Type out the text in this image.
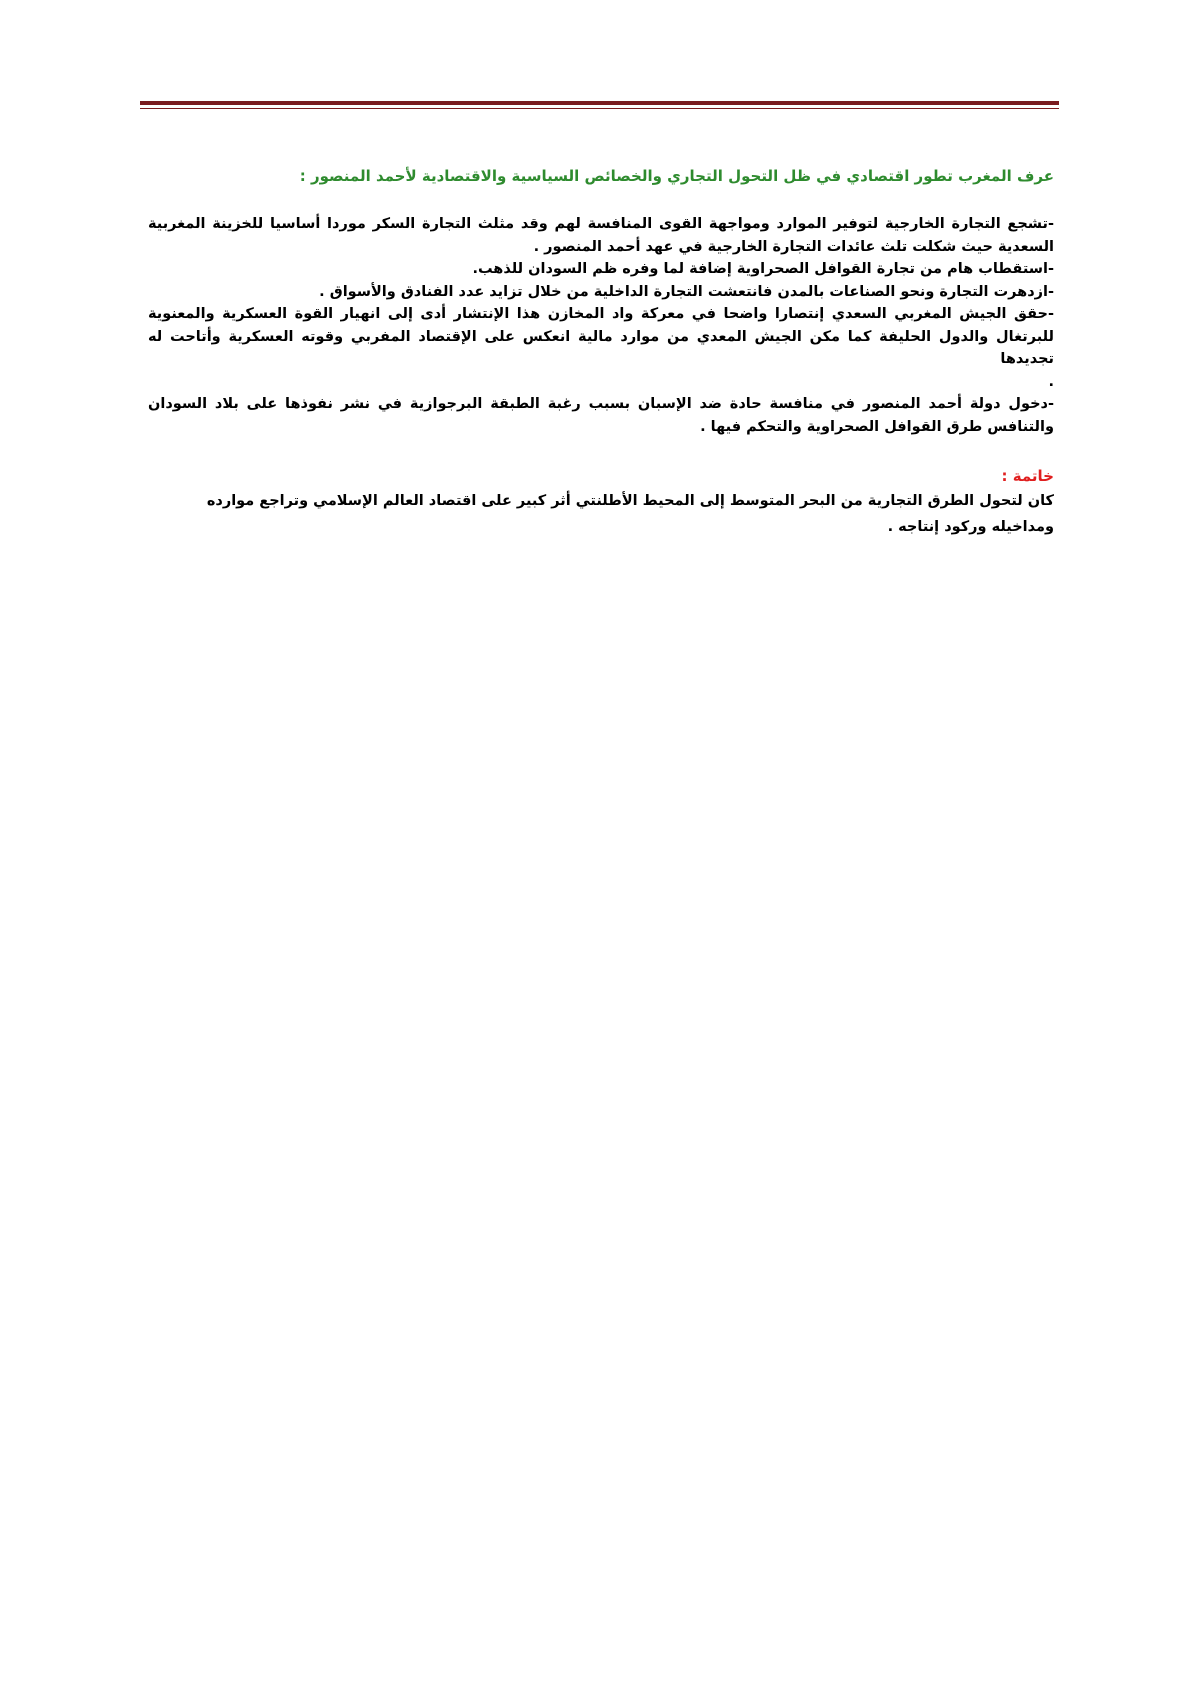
عرف المغرب تطور اقتصادي في ظل التحول التجاري والخصائص السياسية والاقتصادية لأحمد المنصور :

-تشجع التجارة الخارجية لتوفير الموارد ومواجهة القوى المنافسة لهم وقد مثلث التجارة السكر موردا أساسيا للخزينة المغربية السعدية حيث شكلت تلث عائدات التجارة الخارجية في عهد أحمد المنصور .

-استقطاب هام من تجارة القوافل الصحراوية إضافة لما وفره ظم السودان للذهب.

-ازدهرت التجارة ونحو الصناعات بالمدن فانتعشت التجارة الداخلية من خلال تزايد عدد الفنادق والأسواق .

-حقق الجيش المغربي السعدي إنتصارا واضحا في معركة واد المخازن هذا الإنتشار أدى إلى انهيار القوة العسكرية والمعنوية للبرتغال والدول الحليفة كما مكن الجيش المعدي من موارد مالية انعكس على الإقتصاد المفربي وقوته العسكرية وأتاحت له تجديدها

.

-دخول دولة أحمد المنصور في منافسة حادة ضد الإسبان بسبب رغبة الطبقة البرجوازية في نشر نفوذها على بلاد السودان والتنافس طرق القوافل الصحراوية والتحكم فيها .

خاتمة :

كان لتحول الطرق التجارية من البحر المتوسط إلى المحيط الأطلنتي أثر كبير على اقتصاد العالم الإسلامي وتراجع موارده ومداخيله وركود إنتاجه .
